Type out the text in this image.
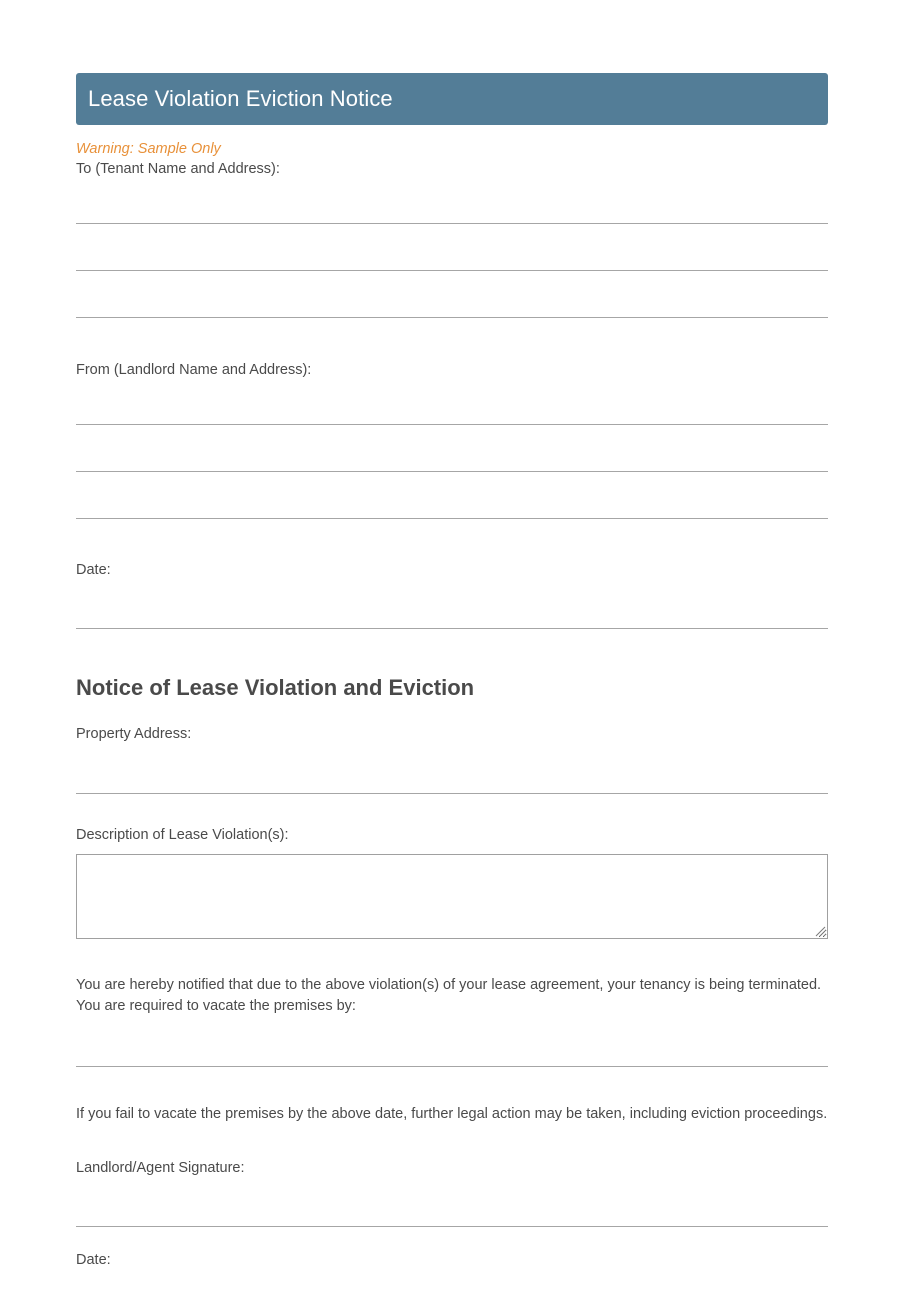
Lease Violation Eviction Notice
Warning: Sample Only
To (Tenant Name and Address):
From (Landlord Name and Address):
Date:
Notice of Lease Violation and Eviction
Property Address:
Description of Lease Violation(s):
You are hereby notified that due to the above violation(s) of your lease agreement, your tenancy is being terminated. You are required to vacate the premises by:
If you fail to vacate the premises by the above date, further legal action may be taken, including eviction proceedings.
Landlord/Agent Signature:
Date:
